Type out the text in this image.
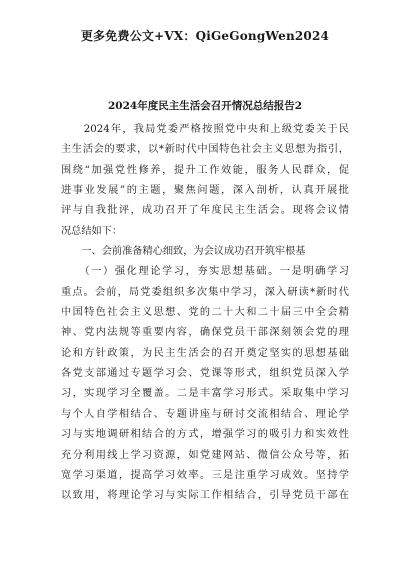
更多免费公文+VX：QiGeGongWen2024
2024年度民主生活会召开情况总结报告2
　　2024年，我局党委严格按照党中央和上级党委关于民
主生活会的要求，以*新时代中国特色社会主义思想为指引，
围绕“加强党性修养，提升工作效能，服务人民群众，促
进事业发展”的主题，聚焦问题，深入剖析，认真开展批
评与自我批评，成功召开了年度民主生活会。现将会议情
况总结如下：
　　一、会前准备精心细致，为会议成功召开筑牢根基
　　（一）强化理论学习，夯实思想基础。一是明确学习
重点。会前，局党委组织多次集中学习，深入研读*新时代
中国特色社会主义思想、党的二十大和二十届三中全会精
神、党内法规等重要内容，确保党员干部深刻领会党的理
论和方针政策，为民主生活会的召开奠定坚实的思想基础
各党支部通过专题学习会、党课等形式，组织党员深入学
习，实现学习全覆盖。二是丰富学习形式。采取集中学习
与个人自学相结合、专题讲座与研讨交流相结合、理论学
习与实地调研相结合的方式，增强学习的吸引力和实效性
充分利用线上学习资源，如党建网站、微信公众号等，拓
宽学习渠道，提高学习效率。三是注重学习成效。坚持学
以致用，将理论学习与实际工作相结合，引导党员干部在
